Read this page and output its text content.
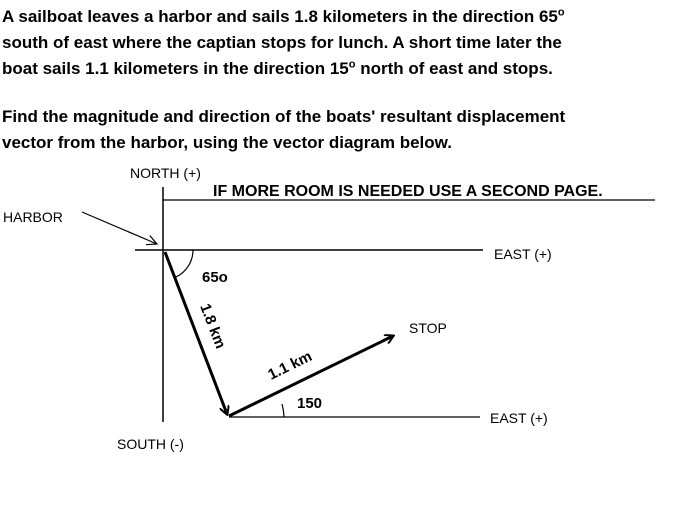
A sailboat leaves a harbor and sails 1.8 kilometers in the direction 65$^o$
south of east where the captian stops for lunch. A short time later the
boat sails 1.1 kilometers in the direction 15$^o$ north of east and stops.
Find the magnitude and direction of the boats' resultant displacement
vector from the harbor, using the vector diagram below.
NORTH (+)
IF MORE ROOM IS NEEDED USE A SECOND PAGE.
HARBOR
EAST (+)
65o
1.8 km
EAST (+)
150
1.1 km
STOP
SOUTH (-)
